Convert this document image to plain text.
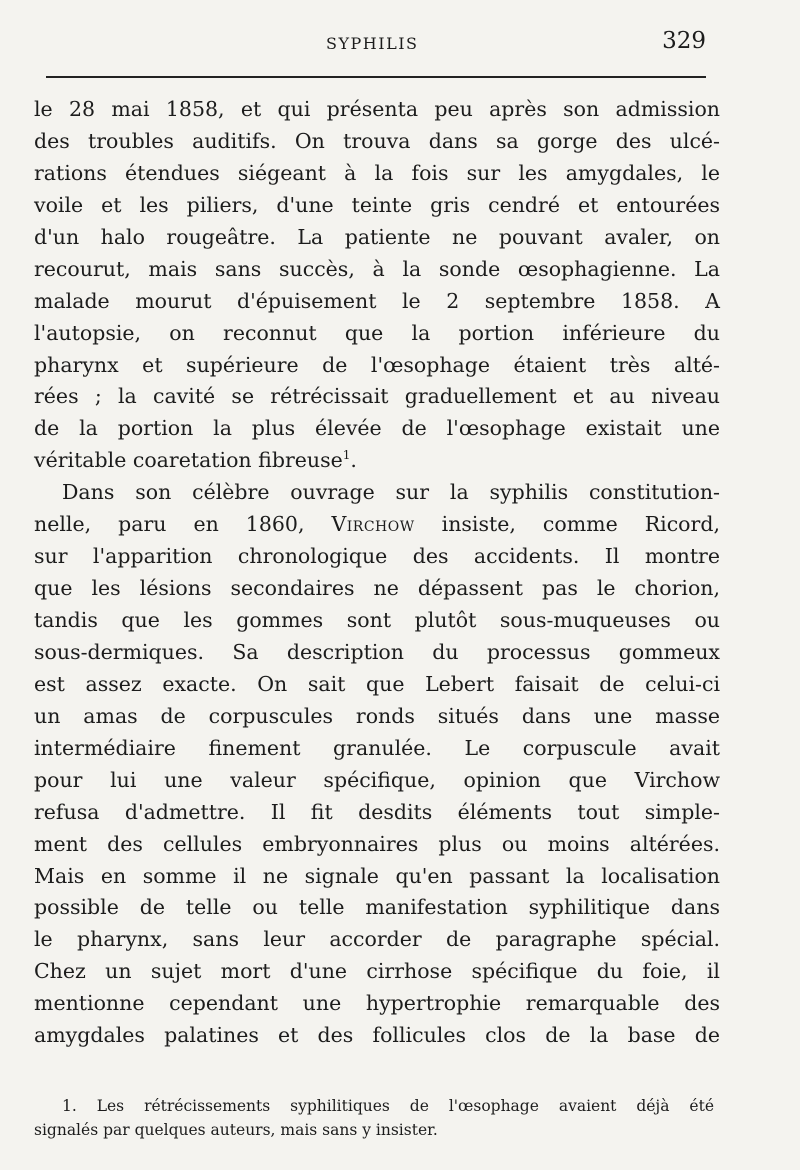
SYPHILIS	329
le 28 mai 1858, et qui présenta peu après son admission
des troubles auditifs. On trouva dans sa gorge des ulcé-
rations étendues siégeant à la fois sur les amygdales, le
voile et les piliers, d'une teinte gris cendré et entourées
d'un halo rougeâtre. La patiente ne pouvant avaler, on
recourut, mais sans succès, à la sonde œsophagienne. La
malade mourut d'épuisement le 2 septembre 1858. A
l'autopsie, on reconnut que la portion inférieure du
pharynx et supérieure de l'œsophage étaient très alté-
rées ; la cavité se rétrécissait graduellement et au niveau
de la portion la plus élevée de l'œsophage existait une
véritable coaretation fibreuse$^1$.
Dans son célèbre ouvrage sur la syphilis constitution-
nelle, paru en 1860, Virchow insiste, comme Ricord,
sur l'apparition chronologique des accidents. Il montre
que les lésions secondaires ne dépassent pas le chorion,
tandis que les gommes sont plutôt sous-muqueuses ou
sous-dermiques. Sa description du processus gommeux
est assez exacte. On sait que Lebert faisait de celui-ci
un amas de corpuscules ronds situés dans une masse
intermédiaire finement granulée. Le corpuscule avait
pour lui une valeur spécifique, opinion que Virchow
refusa d'admettre. Il fit desdits éléments tout simple-
ment des cellules embryonnaires plus ou moins altérées.
Mais en somme il ne signale qu'en passant la localisation
possible de telle ou telle manifestation syphilitique dans
le pharynx, sans leur accorder de paragraphe spécial.
Chez un sujet mort d'une cirrhose spécifique du foie, il
mentionne cependant une hypertrophie remarquable des
amygdales palatines et des follicules clos de la base de
1. Les rétrécissements syphilitiques de l'œsophage avaient déjà été
signalés par quelques auteurs, mais sans y insister.
